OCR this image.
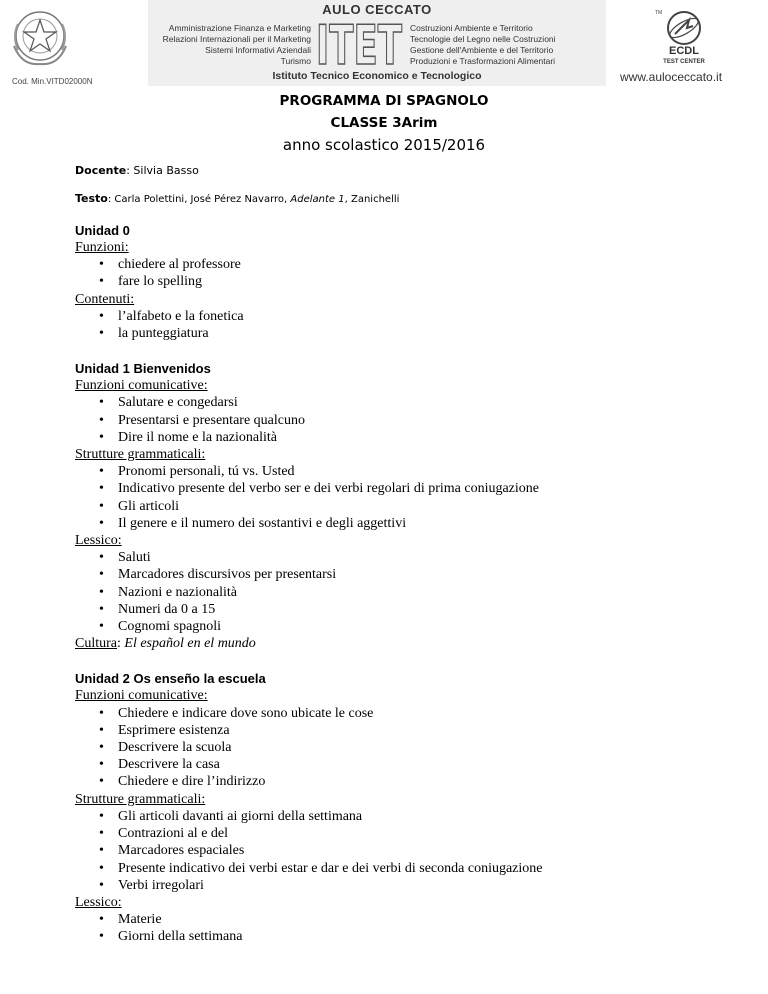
Cod. Min.VITD02000N
AULO CECCATO
Amministrazione Finanza e Marketing
Relazioni Internazionali per il Marketing
Sistemi Informativi Aziendali
Turismo ITET Costruzioni Ambiente e Territorio
Tecnologie del Legno nelle Costruzioni
Gestione dell'Ambiente e del Territorio
Produzioni e Trasformazioni Alimentari
Istituto Tecnico Economico e Tecnologico
TM
ECDL
TEST CENTER
www.auloceccato.it
PROGRAMMA DI SPAGNOLO
CLASSE 3Arim
anno scolastico 2015/2016
Docente: Silvia Basso
Testo: Carla Polettini, José Pérez Navarro, Adelante 1, Zanichelli
Unidad 0
Funzioni:
• chiedere al professore
• fare lo spelling
Contenuti:
• l’alfabeto e la fonetica
• la punteggiatura
Unidad 1 Bienvenidos
Funzioni comunicative:
• Salutare e congedarsi
• Presentarsi e presentare qualcuno
• Dire il nome e la nazionalità
Strutture grammaticali:
• Pronomi personali, tú vs. Usted
• Indicativo presente del verbo ser e dei verbi regolari di prima coniugazione
• Gli articoli
• Il genere e il numero dei sostantivi e degli aggettivi
Lessico:
• Saluti
• Marcadores discursivos per presentarsi
• Nazioni e nazionalità
• Numeri da 0 a 15
• Cognomi spagnoli
Cultura: El español en el mundo
Unidad 2 Os enseño la escuela
Funzioni comunicative:
• Chiedere e indicare dove sono ubicate le cose
• Esprimere esistenza
• Descrivere la scuola
• Descrivere la casa
• Chiedere e dire l’indirizzo
Strutture grammaticali:
• Gli articoli davanti ai giorni della settimana
• Contrazioni al e del
• Marcadores espaciales
• Presente indicativo dei verbi estar e dar e dei verbi di seconda coniugazione
• Verbi irregolari
Lessico:
• Materie
• Giorni della settimana
